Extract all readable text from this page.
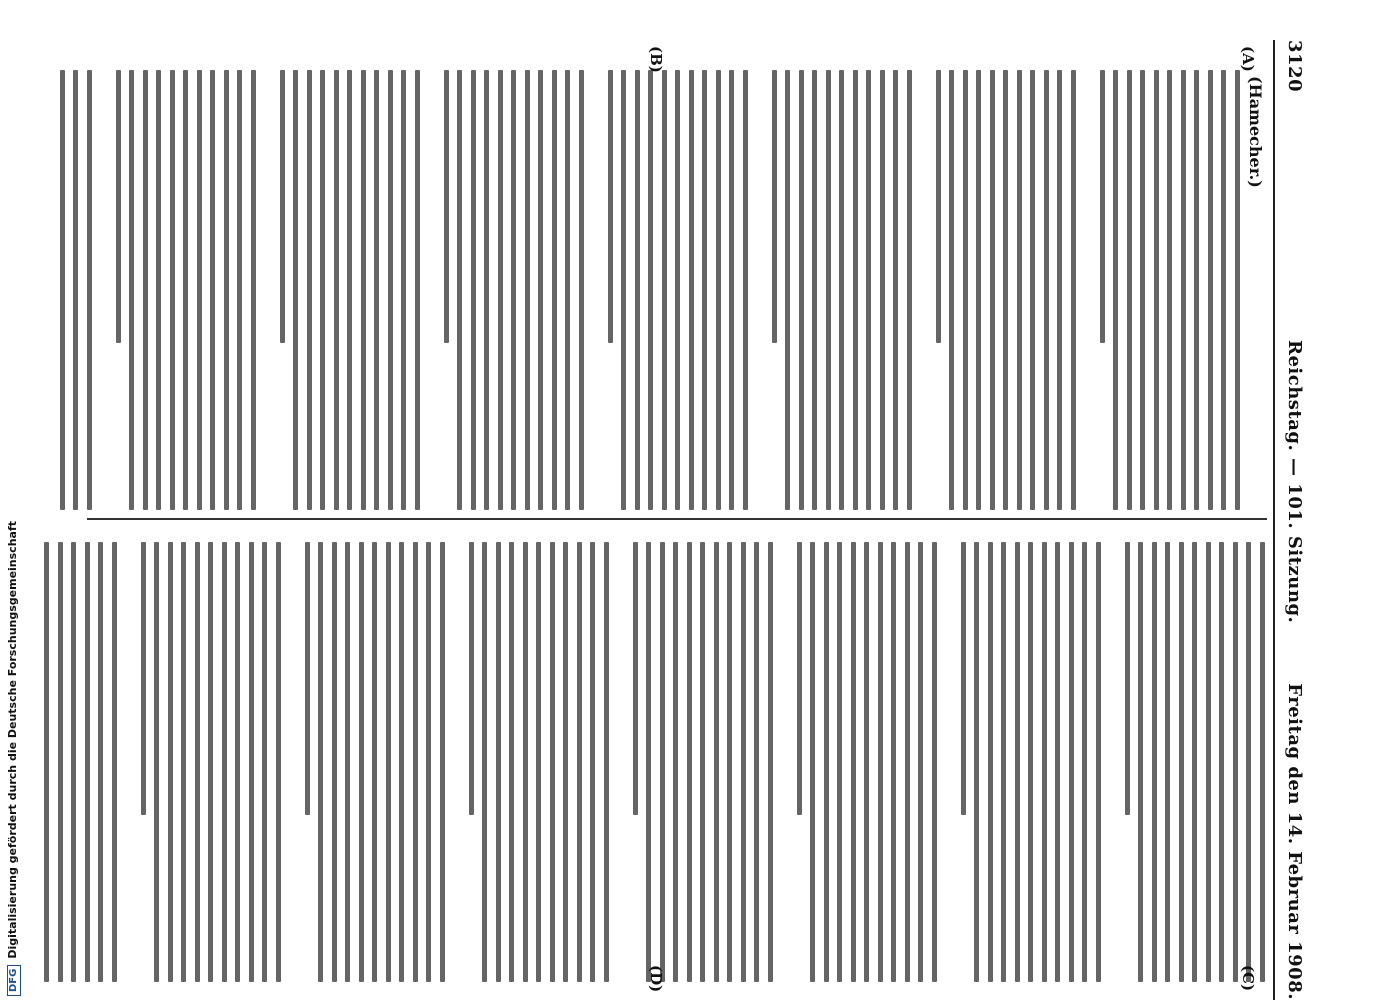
3120
Reichstag. — 101. Sitzung.
Freitag den 14. Februar 1908.
(Hamecher.)
(A)
(B)
(C)
(D)
DFGDigitalisierung gefördert durch die Deutsche Forschungsgemeinschaft
